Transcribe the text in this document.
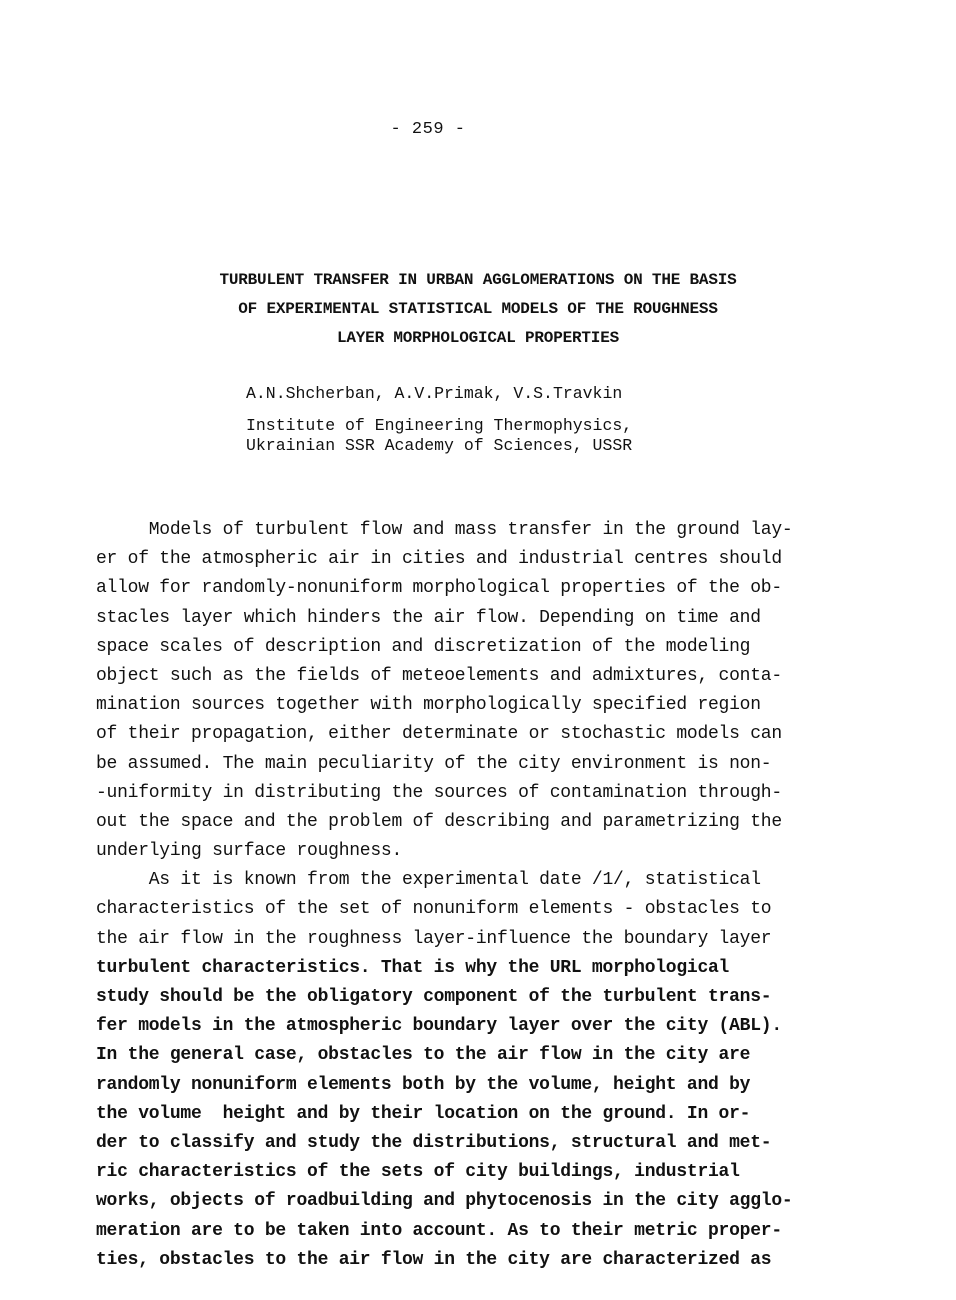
- 259 -
TURBULENT TRANSFER IN URBAN AGGLOMERATIONS ON THE BASIS
OF EXPERIMENTAL STATISTICAL MODELS OF THE ROUGHNESS
LAYER MORPHOLOGICAL PROPERTIES
A.N.Shcherban, A.V.Primak, V.S.Travkin
Institute of Engineering Thermophysics,
Ukrainian SSR Academy of Sciences, USSR
Models of turbulent flow and mass transfer in the ground lay-
er of the atmospheric air in cities and industrial centres should
allow for randomly-nonuniform morphological properties of the ob-
stacles layer which hinders the air flow. Depending on time and
space scales of description and discretization of the modeling
object such as the fields of meteoelements and admixtures, conta-
mination sources together with morphologically specified region
of their propagation, either determinate or stochastic models can
be assumed. The main peculiarity of the city environment is non-
-uniformity in distributing the sources of contamination through-
out the space and the problem of describing and parametrizing the
underlying surface roughness.
As it is known from the experimental date /1/, statistical
characteristics of the set of nonuniform elements - obstacles to
the air flow in the roughness layer-influence the boundary layer
turbulent characteristics. That is why the URL morphological
study should be the obligatory component of the turbulent trans-
fer models in the atmospheric boundary layer over the city (ABL).
In the general case, obstacles to the air flow in the city are
randomly nonuniform elements both by the volume, height and by
the volume  height and by their location on the ground. In or-
der to classify and study the distributions, structural and met-
ric characteristics of the sets of city buildings, industrial
works, objects of roadbuilding and phytocenosis in the city agglo-
meration are to be taken into account. As to their metric proper-
ties, obstacles to the air flow in the city are characterized as
